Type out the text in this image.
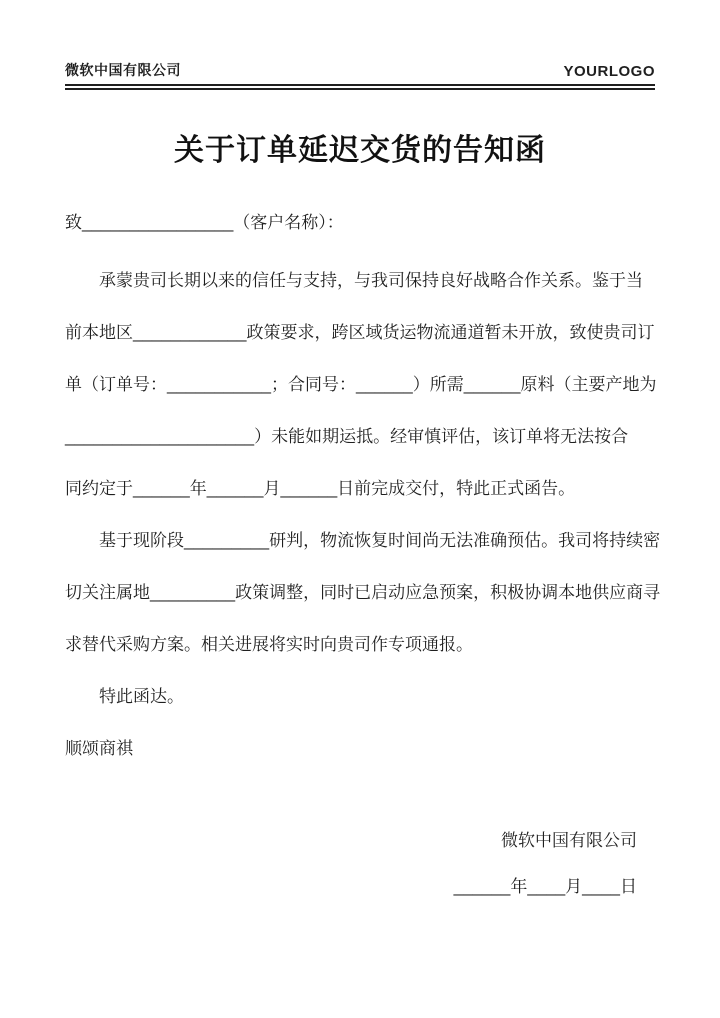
微软中国有限公司	YOURLOGO
关于订单延迟交货的告知函
致________________（客户名称）：
承蒙贵司长期以来的信任与支持，与我司保持良好战略合作关系。鉴于当
前本地区____________政策要求，跨区域货运物流通道暂未开放，致使贵司订
单（订单号：___________；合同号：______）所需______原料（主要产地为
____________________）未能如期运抵。经审慎评估，该订单将无法按合
同约定于______年______月______日前完成交付，特此正式函告。
基于现阶段_________研判，物流恢复时间尚无法准确预估。我司将持续密
切关注属地_________政策调整，同时已启动应急预案，积极协调本地供应商寻
求替代采购方案。相关进展将实时向贵司作专项通报。
特此函达。
顺颂商祺
微软中国有限公司
______年____月____日
